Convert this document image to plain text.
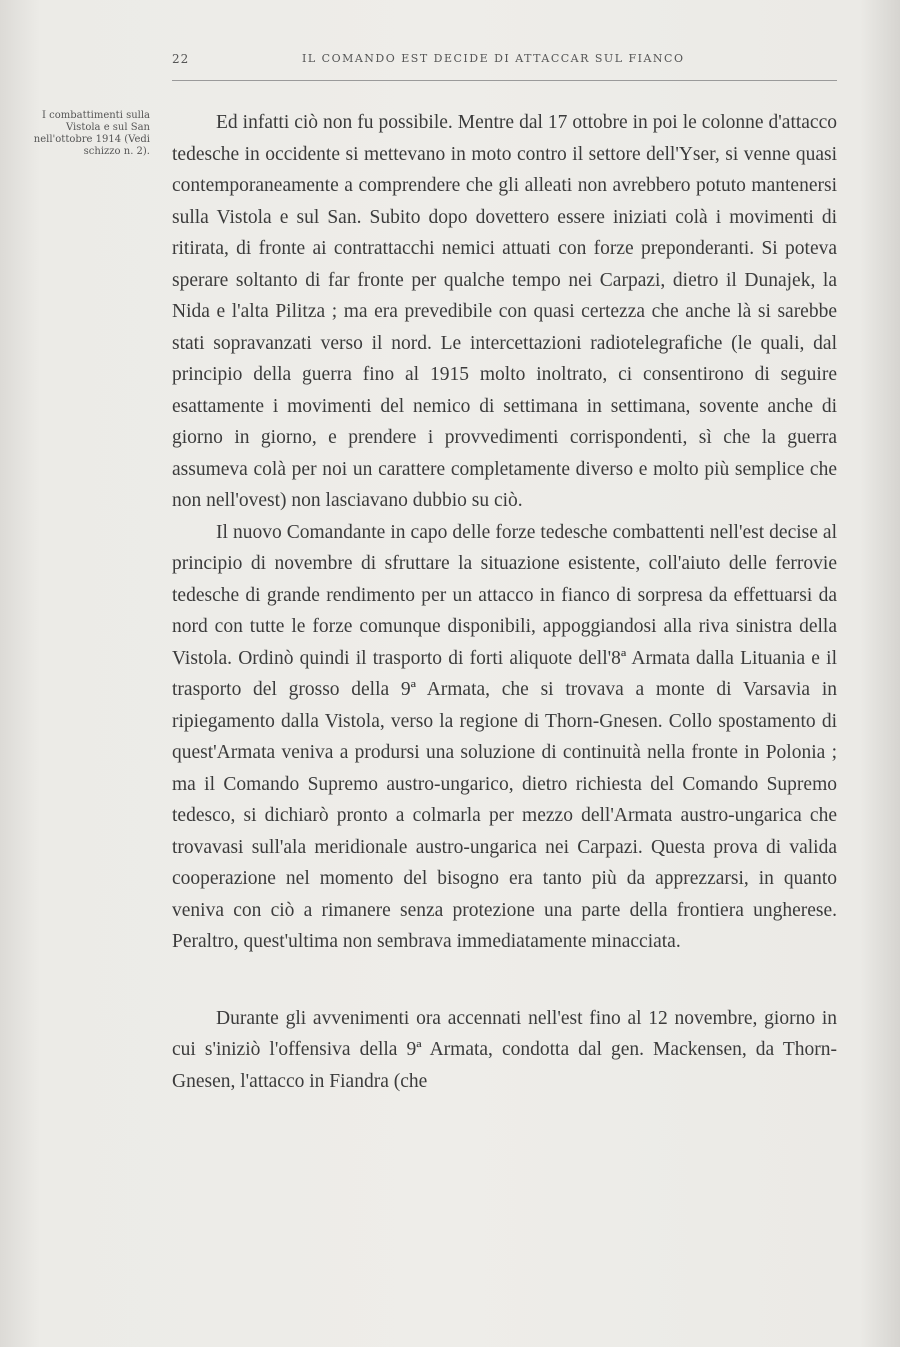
22	IL COMANDO EST DECIDE DI ATTACCAR SUL FIANCO
I combattimenti sulla Vistola e sul San nell'ottobre 1914 (Vedi schizzo n. 2).

Ed infatti ciò non fu possibile. Mentre dal 17 ottobre in poi le colonne d'attacco tedesche in occidente si mettevano in moto contro il settore dell'Yser, si venne quasi contemporaneamente a comprendere che gli alleati non avrebbero potuto mantenersi sulla Vistola e sul San. Subito dopo dovettero essere iniziati colà i movimenti di ritirata, di fronte ai contrattacchi nemici attuati con forze preponderanti. Si poteva sperare soltanto di far fronte per qualche tempo nei Carpazi, dietro il Dunajek, la Nida e l'alta Pilitza ; ma era prevedibile con quasi certezza che anche là si sarebbe stati sopravanzati verso il nord. Le intercettazioni radiotelegrafiche (le quali, dal principio della guerra fino al 1915 molto inoltrato, ci consentirono di seguire esattamente i movimenti del nemico di settimana in settimana, sovente anche di giorno in giorno, e prendere i provvedimenti corrispondenti, sì che la guerra assumeva colà per noi un carattere completamente diverso e molto più semplice che non nell'ovest) non lasciavano dubbio su ciò.

Il nuovo Comandante in capo delle forze tedesche combattenti nell'est decise al principio di novembre di sfruttare la situazione esistente, coll'aiuto delle ferrovie tedesche di grande rendimento per un attacco in fianco di sorpresa da effettuarsi da nord con tutte le forze comunque disponibili, appoggiandosi alla riva sinistra della Vistola. Ordinò quindi il trasporto di forti aliquote dell'8ª Armata dalla Lituania e il trasporto del grosso della 9ª Armata, che si trovava a monte di Varsavia in ripiegamento dalla Vistola, verso la regione di Thorn-Gnesen. Collo spostamento di quest'Armata veniva a prodursi una soluzione di continuità nella fronte in Polonia ; ma il Comando Supremo austro-ungarico, dietro richiesta del Comando Supremo tedesco, si dichiarò pronto a colmarla per mezzo dell'Armata austro-ungarica che trovavasi sull'ala meridionale austro-ungarica nei Carpazi. Questa prova di valida cooperazione nel momento del bisogno era tanto più da apprezzarsi, in quanto veniva con ciò a rimanere senza protezione una parte della frontiera ungherese. Peraltro, quest'ultima non sembrava immediatamente minacciata.

Durante gli avvenimenti ora accennati nell'est fino al 12 novembre, giorno in cui s'iniziò l'offensiva della 9ª Armata, condotta dal gen. Mackensen, da Thorn-Gnesen, l'attacco in Fiandra (che
